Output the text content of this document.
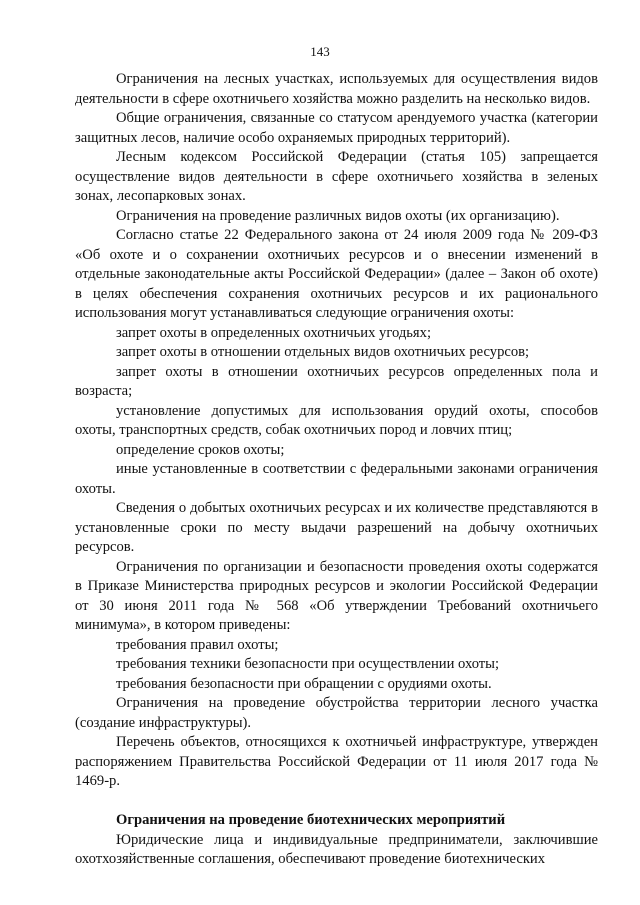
143

Ограничения на лесных участках, используемых для осуществления видов деятельности в сфере охотничьего хозяйства можно разделить на несколько видов.

Общие ограничения, связанные со статусом арендуемого участка (категории защитных лесов, наличие особо охраняемых природных территорий).

Лесным кодексом Российской Федерации (статья 105) запрещается осуществление видов деятельности в сфере охотничьего хозяйства в зеленых зонах, лесопарковых зонах.

Ограничения на проведение различных видов охоты (их организацию).

Согласно статье 22 Федерального закона от 24 июля 2009 года № 209-ФЗ «Об охоте и о сохранении охотничьих ресурсов и о внесении изменений в отдельные законодательные акты Российской Федерации» (далее – Закон об охоте) в целях обеспечения сохранения охотничьих ресурсов и их рационального использования могут устанавливаться следующие ограничения охоты:

запрет охоты в определенных охотничьих угодьях;

запрет охоты в отношении отдельных видов охотничьих ресурсов;

запрет охоты в отношении охотничьих ресурсов определенных пола и возраста;

установление допустимых для использования орудий охоты, способов охоты, транспортных средств, собак охотничьих пород и ловчих птиц;

определение сроков охоты;

иные установленные в соответствии с федеральными законами ограничения охоты.

Сведения о добытых охотничьих ресурсах и их количестве представляются в установленные сроки по месту выдачи разрешений на добычу охотничьих ресурсов.

Ограничения по организации и безопасности проведения охоты содержатся в Приказе Министерства природных ресурсов и экологии Российской Федерации от 30 июня 2011 года № 568 «Об утверждении Требований охотничьего минимума», в котором приведены:

требования правил охоты;

требования техники безопасности при осуществлении охоты;

требования безопасности при обращении с орудиями охоты.

Ограничения на проведение обустройства территории лесного участка (создание инфраструктуры).

Перечень объектов, относящихся к охотничьей инфраструктуре, утвержден распоряжением Правительства Российской Федерации от 11 июля 2017 года № 1469-р.

Ограничения на проведение биотехнических мероприятий

Юридические лица и индивидуальные предприниматели, заключившие охотхозяйственные соглашения, обеспечивают проведение биотехнических
